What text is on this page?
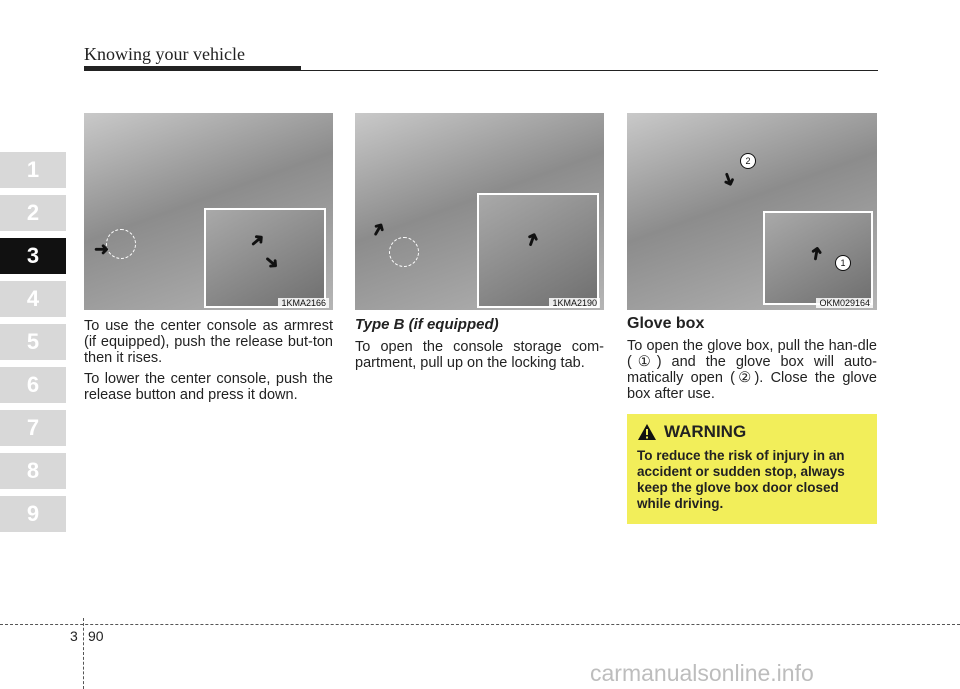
Knowing your vehicle
1
2
3
4
5
6
7
8
9
➜	➜
➜
1KMA2166
➜	➜
1KMA2190
2
➜
➜
1
OKM029164

To use the center console as armrest (if equipped), push the release but-ton then it rises.

To lower the center console, push the release button and press it down.

Type B (if equipped)

To open the console storage com-partment, pull up on the locking tab.

Glove box

To open the glove box, pull the han-dle (①) and the glove box will auto-matically open (②). Close the glove box after use.

WARNING
To reduce the risk of injury in an accident or sudden stop, always keep the glove box door closed while driving.
3 90
carmanualsonline.info
